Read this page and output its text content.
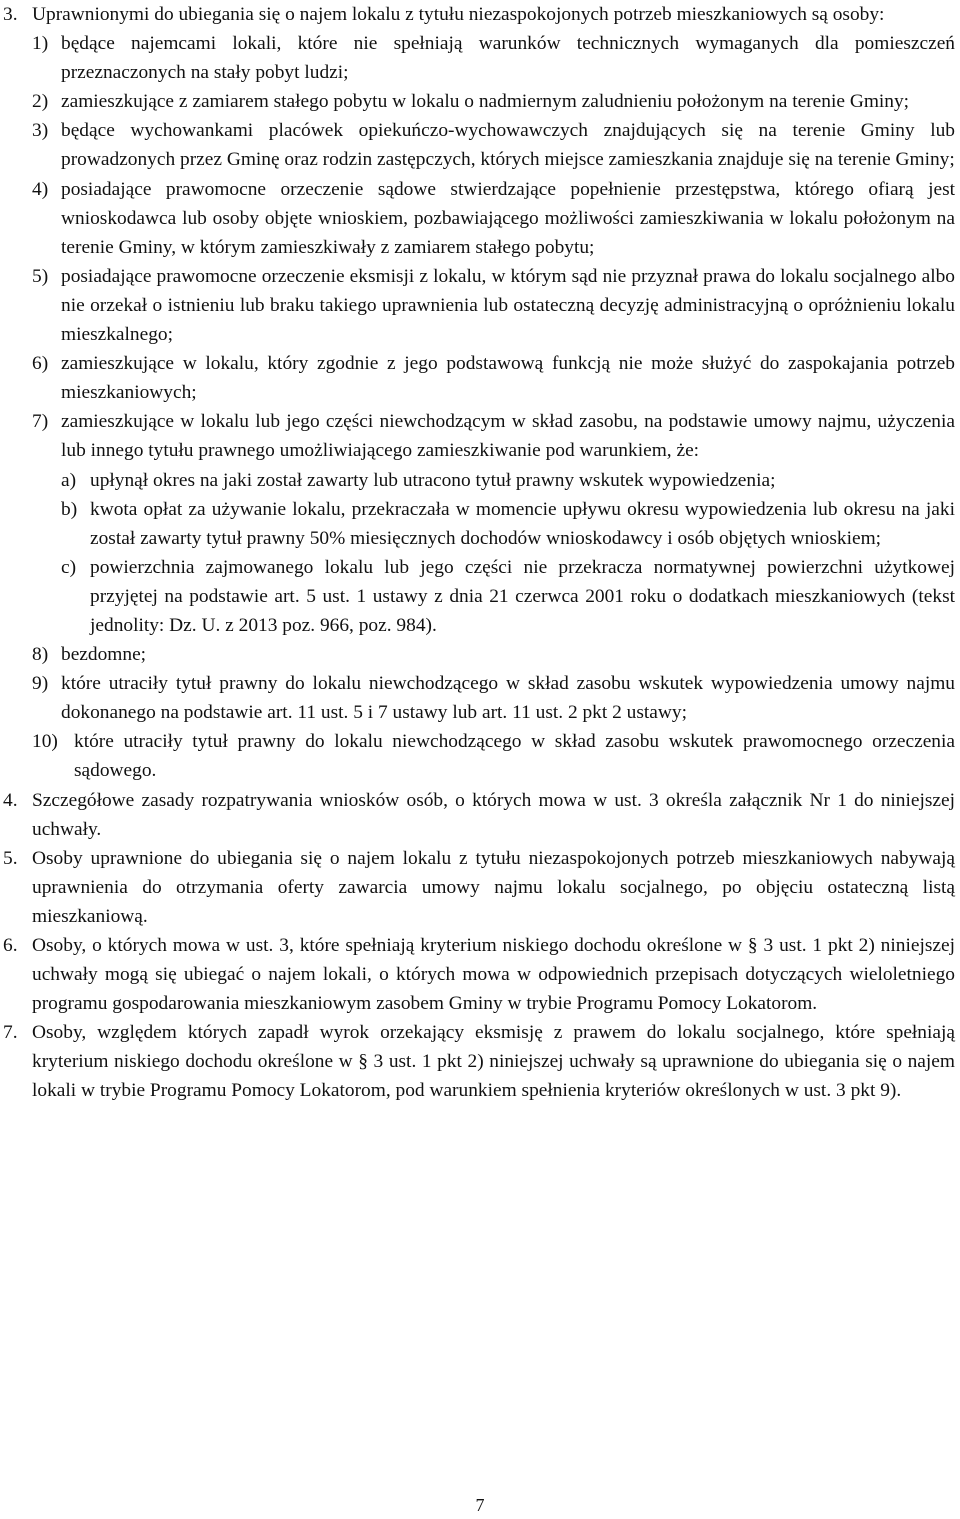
3. Uprawnionymi do ubiegania się o najem lokalu z tytułu niezaspokojonych potrzeb mieszkaniowych są osoby:
1) będące najemcami lokali, które nie spełniają warunków technicznych wymaganych dla pomieszczeń przeznaczonych na stały pobyt ludzi;
2) zamieszkujące z zamiarem stałego pobytu w lokalu o nadmiernym zaludnieniu położonym na terenie Gminy;
3) będące wychowankami placówek opiekuńczo-wychowawczych znajdujących się na terenie Gminy lub prowadzonych przez Gminę oraz rodzin zastępczych, których miejsce zamieszkania znajduje się na terenie Gminy;
4) posiadające prawomocne orzeczenie sądowe stwierdzające popełnienie przestępstwa, którego ofiarą jest wnioskodawca lub osoby objęte wnioskiem, pozbawiającego możliwości zamieszkiwania w lokalu położonym na terenie Gminy, w którym zamieszkiwały z zamiarem stałego pobytu;
5) posiadające prawomocne orzeczenie eksmisji z lokalu, w którym sąd nie przyznał prawa do lokalu socjalnego albo nie orzekał o istnieniu lub braku takiego uprawnienia lub ostateczną decyzję administracyjną o opróżnieniu lokalu mieszkalnego;
6) zamieszkujące w lokalu, który zgodnie z jego podstawową funkcją nie może służyć do zaspokajania potrzeb mieszkaniowych;
7) zamieszkujące w lokalu lub jego części niewchodzącym w skład zasobu, na podstawie umowy najmu, użyczenia lub innego tytułu prawnego umożliwiającego zamieszkiwanie pod warunkiem, że:
a) upłynął okres na jaki został zawarty lub utracono tytuł prawny wskutek wypowiedzenia;
b) kwota opłat za używanie lokalu, przekraczała w momencie upływu okresu wypowiedzenia lub okresu na jaki został zawarty tytuł prawny 50% miesięcznych dochodów wnioskodawcy i osób objętych wnioskiem;
c) powierzchnia zajmowanego lokalu lub jego części nie przekracza normatywnej powierzchni użytkowej przyjętej na podstawie art. 5 ust. 1 ustawy z dnia 21 czerwca 2001 roku o dodatkach mieszkaniowych (tekst jednolity: Dz. U. z 2013 poz. 966, poz. 984).
8) bezdomne;
9) które utraciły tytuł prawny do lokalu niewchodzącego w skład zasobu wskutek wypowiedzenia umowy najmu dokonanego na podstawie art. 11 ust. 5 i 7 ustawy lub art. 11 ust. 2 pkt 2 ustawy;
10) które utraciły tytuł prawny do lokalu niewchodzącego w skład zasobu wskutek prawomocnego orzeczenia sądowego.
4. Szczegółowe zasady rozpatrywania wniosków osób, o których mowa w ust. 3 określa załącznik Nr 1 do niniejszej uchwały.
5. Osoby uprawnione do ubiegania się o najem lokalu z tytułu niezaspokojonych potrzeb mieszkaniowych nabywają uprawnienia do otrzymania oferty zawarcia umowy najmu lokalu socjalnego, po objęciu ostateczną listą mieszkaniową.
6. Osoby, o których mowa w ust. 3, które spełniają kryterium niskiego dochodu określone w § 3 ust. 1 pkt 2) niniejszej uchwały mogą się ubiegać o najem lokali, o których mowa w odpowiednich przepisach dotyczących wieloletniego programu gospodarowania mieszkaniowym zasobem Gminy w trybie Programu Pomocy Lokatorom.
7. Osoby, względem których zapadł wyrok orzekający eksmisję z prawem do lokalu socjalnego, które spełniają kryterium niskiego dochodu określone w § 3 ust. 1 pkt 2) niniejszej uchwały są uprawnione do ubiegania się o najem lokali w trybie Programu Pomocy Lokatorom, pod warunkiem spełnienia kryteriów określonych w ust. 3 pkt 9).
7
